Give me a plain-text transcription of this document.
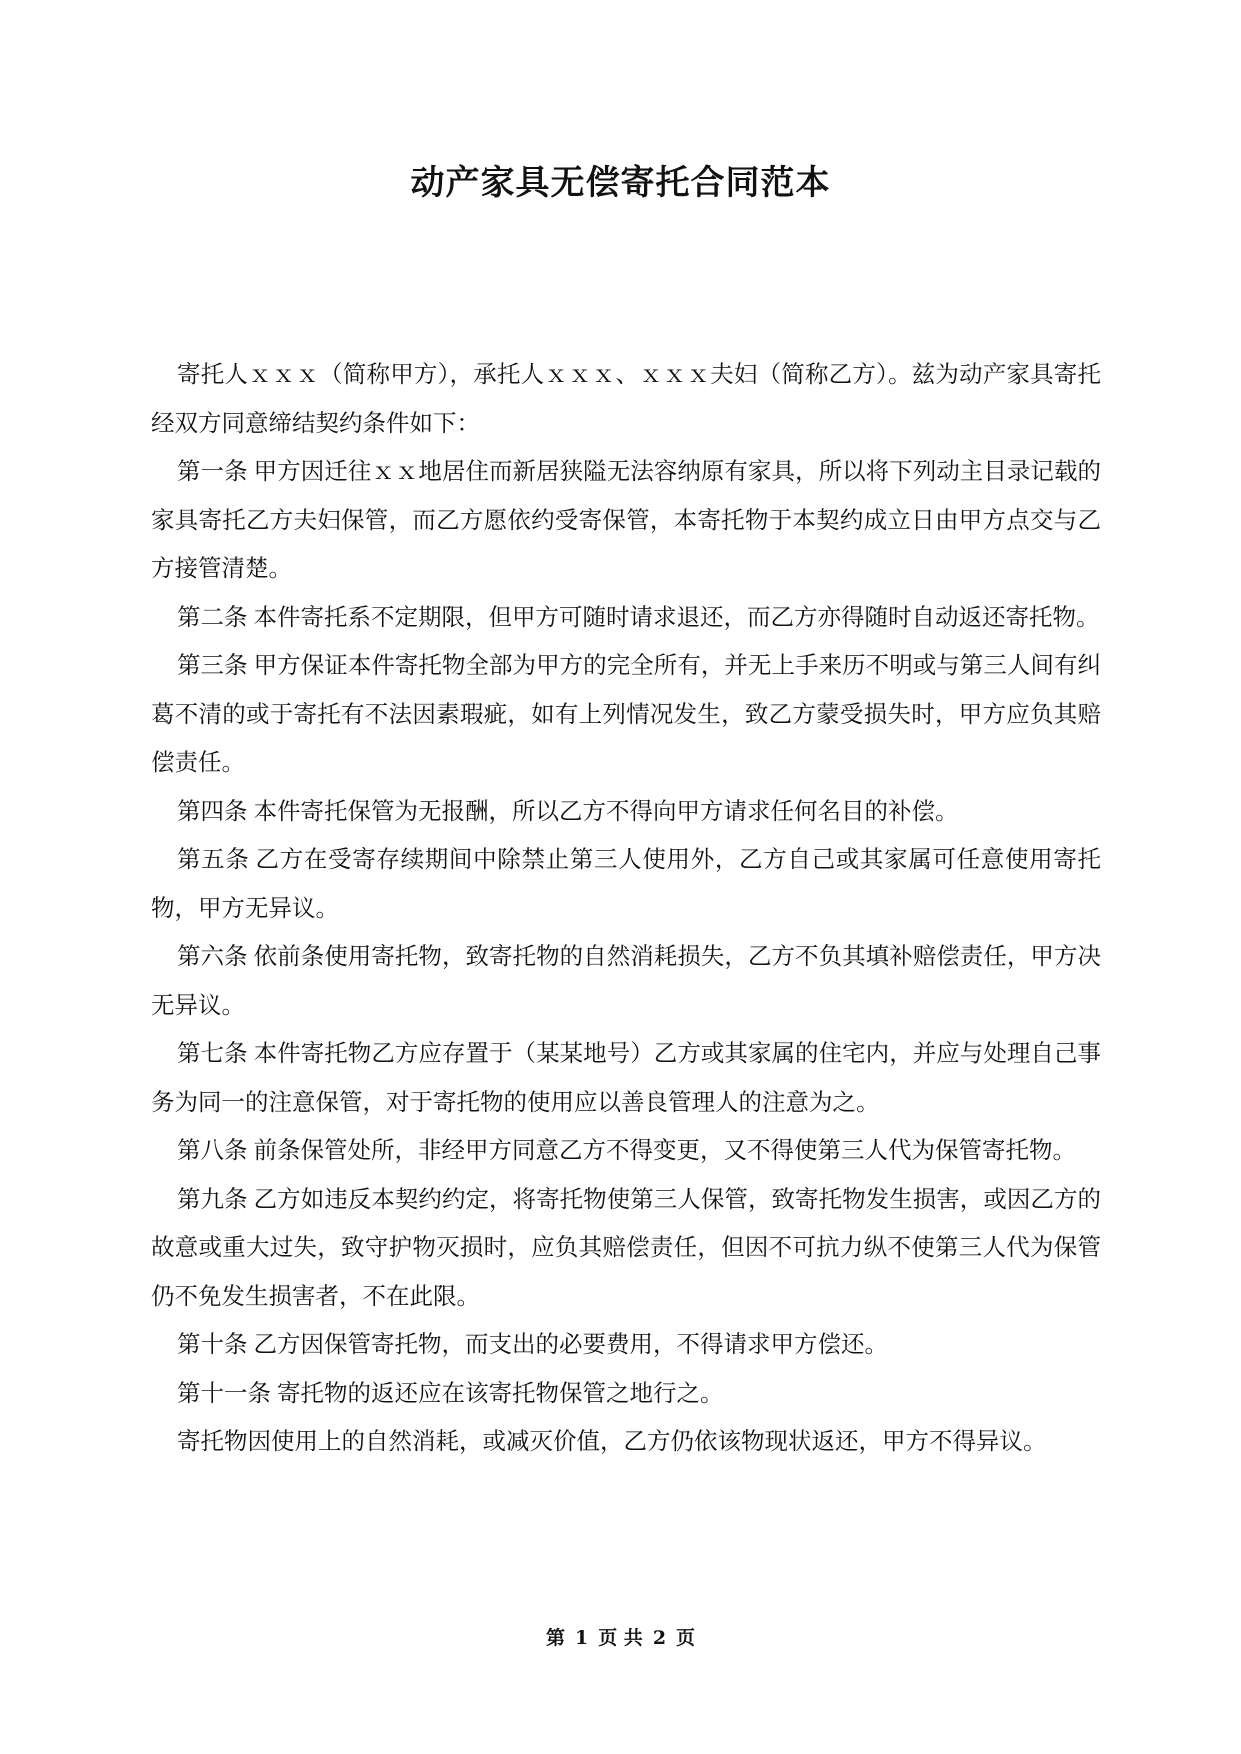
动产家具无偿寄托合同范本

寄托人ｘｘｘ（简称甲方），承托人ｘｘｘ、ｘｘｘ夫妇（简称乙方）。兹为动产家具寄托经双方同意缔结契约条件如下：

第一条 甲方因迁往ｘｘ地居住而新居狭隘无法容纳原有家具，所以将下列动主目录记载的家具寄托乙方夫妇保管，而乙方愿依约受寄保管，本寄托物于本契约成立日由甲方点交与乙方接管清楚。

第二条 本件寄托系不定期限，但甲方可随时请求退还，而乙方亦得随时自动返还寄托物。

第三条 甲方保证本件寄托物全部为甲方的完全所有，并无上手来历不明或与第三人间有纠葛不清的或于寄托有不法因素瑕疵，如有上列情况发生，致乙方蒙受损失时，甲方应负其赔偿责任。

第四条 本件寄托保管为无报酬，所以乙方不得向甲方请求任何名目的补偿。

第五条 乙方在受寄存续期间中除禁止第三人使用外，乙方自己或其家属可任意使用寄托物，甲方无异议。

第六条 依前条使用寄托物，致寄托物的自然消耗损失，乙方不负其填补赔偿责任，甲方决无异议。

第七条 本件寄托物乙方应存置于（某某地号）乙方或其家属的住宅内，并应与处理自己事务为同一的注意保管，对于寄托物的使用应以善良管理人的注意为之。

第八条 前条保管处所，非经甲方同意乙方不得变更，又不得使第三人代为保管寄托物。

第九条 乙方如违反本契约约定，将寄托物使第三人保管，致寄托物发生损害，或因乙方的故意或重大过失，致守护物灭损时，应负其赔偿责任，但因不可抗力纵不使第三人代为保管仍不免发生损害者，不在此限。

第十条 乙方因保管寄托物，而支出的必要费用，不得请求甲方偿还。

第十一条 寄托物的返还应在该寄托物保管之地行之。

寄托物因使用上的自然消耗，或减灭价值，乙方仍依该物现状返还，甲方不得异议。

第 1 页 共 2 页
